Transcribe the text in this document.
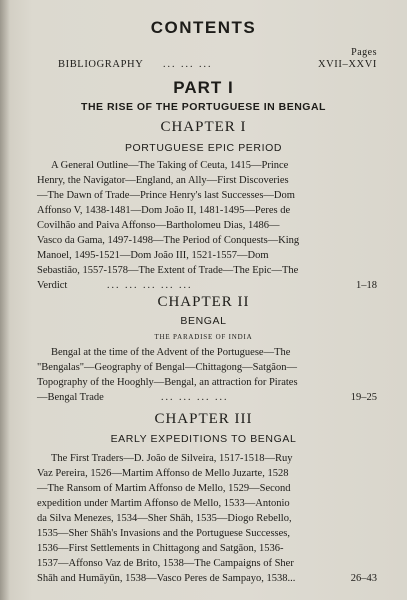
CONTENTS
Pages
BIBLIOGRAPHY ... ... ...	XVII–XXVI
PART I
THE RISE OF THE PORTUGUESE IN BENGAL
CHAPTER I
PORTUGUESE EPIC PERIOD
A General Outline—The Taking of Ceuta, 1415—Prince
Henry, the Navigator—England, an Ally—First Discoveries
—The Dawn of Trade—Prince Henry's last Successes—Dom
Affonso V, 1438-1481—Dom João II, 1481-1495—Peres de
Covilhão and Paiva Affonso—Bartholomeu Dias, 1486—
Vasco da Gama, 1497-1498—The Period of Conquests—King
Manoel, 1495-1521—Dom João III, 1521-1557—Dom
Sebastião, 1557-1578—The Extent of Trade—The Epic—The
Verdict	... ... ... ... ...	1–18
CHAPTER II
BENGAL
THE PARADISE OF INDIA
Bengal at the time of the Advent of the Portuguese—The
"Bengalas"—Geography of Bengal—Chittagong—Satgãon—
Topography of the Hooghly—Bengal, an attraction for Pirates
—Bengal Trade	... ... ... ...	19–25
CHAPTER III
EARLY EXPEDITIONS TO BENGAL
The First Traders—D. João de Silveira, 1517-1518—Ruy
Vaz Pereira, 1526—Martim Affonso de Mello Juzarte, 1528
—The Ransom of Martim Affonso de Mello, 1529—Second
expedition under Martim Affonso de Mello, 1533—Antonio
da Silva Menezes, 1534—Sher Shāh, 1535—Diogo Rebello,
1535—Sher Shāh's Invasions and the Portuguese Successes,
1536—First Settlements in Chittagong and Satgāon, 1536-
1537—Affonso Vaz de Brito, 1538—The Campaigns of Sher
Shāh and Humāyūn, 1538—Vasco Peres de Sampayo, 1538...	26–43
